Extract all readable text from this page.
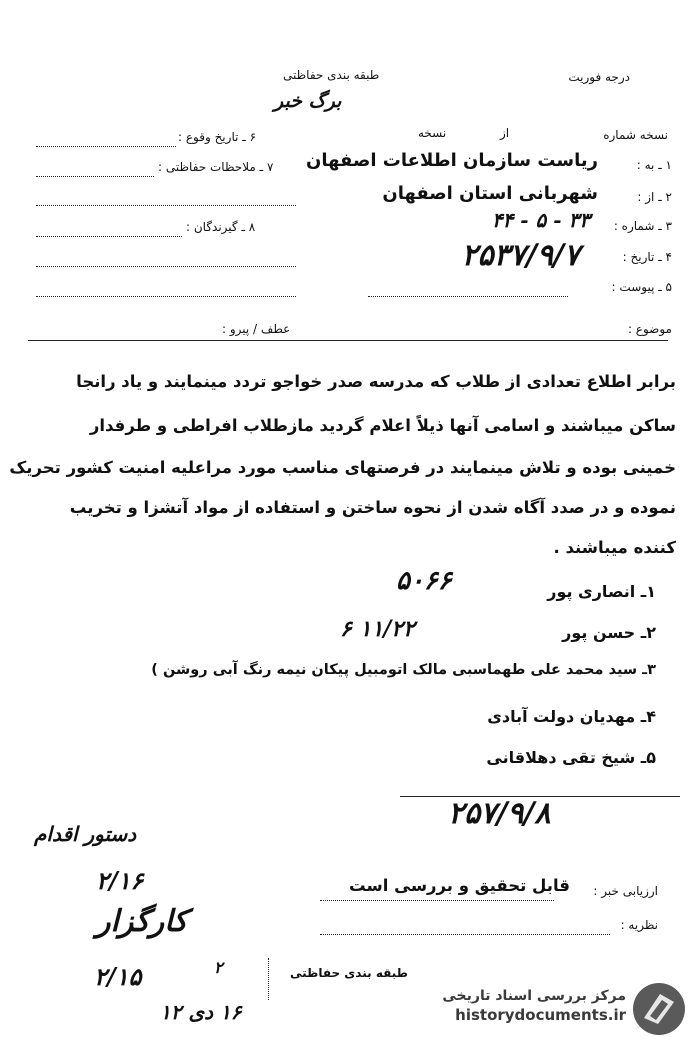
درجه فوریت
طبقه بندی حفاظتی
برگ خبر
نسخه شماره
از
نسخه
۱ ـ به :
ریاست سازمان اطلاعات اصفهان
۲ ـ از :
شهربانی استان اصفهان
۳ ـ شماره :
۳۳ - ۵ - ۴۴
۴ ـ تاریخ :
۲۵۳۷/۹/۷
۵ ـ پیوست :
۶ ـ تاریخ وقوع :
۷ ـ ملاحظات حفاظتی :
۸ ـ گیرندگان :
موضوع :
عطف / پیرو :
برابر اطلاع تعدادی از طلاب که مدرسه صدر خواجو تردد مینمایند و یاد رانجا
ساکن میباشند و اسامی آنها ذیلاً اعلام گردید مازطلاب افراطی و طرفدار
خمینی بوده و تلاش مینمایند در فرصتهای مناسب مورد مراعلیه امنیت کشور تحریک
نموده و در صدد آگاه شدن از نحوه ساختن و استفاده از مواد آتشزا و تخریب
کننده میباشند .
۱ـ انصاری پور
۵۰۶۶
۲ـ حسن پور
۱۱/۲۲ ۶
۳ـ سید محمد علی طهماسبی مالک اتومبیل پیکان نیمه رنگ آبی روشن )
۴ـ مهدیان دولت آبادی
۵ـ شیخ تقی دهلاقانی
۲۵۷/۹/۸
دستور اقدام
۲/۱۶
کارگزار
۲/۱۵
ارزیابی خبر :
قابل تحقیق و بررسی است
نظریه :
طبقه بندی حفاظتی
۱۶ دی ۱۲
۲
مرکز بررسی اسناد تاریخی
historydocuments.ir
